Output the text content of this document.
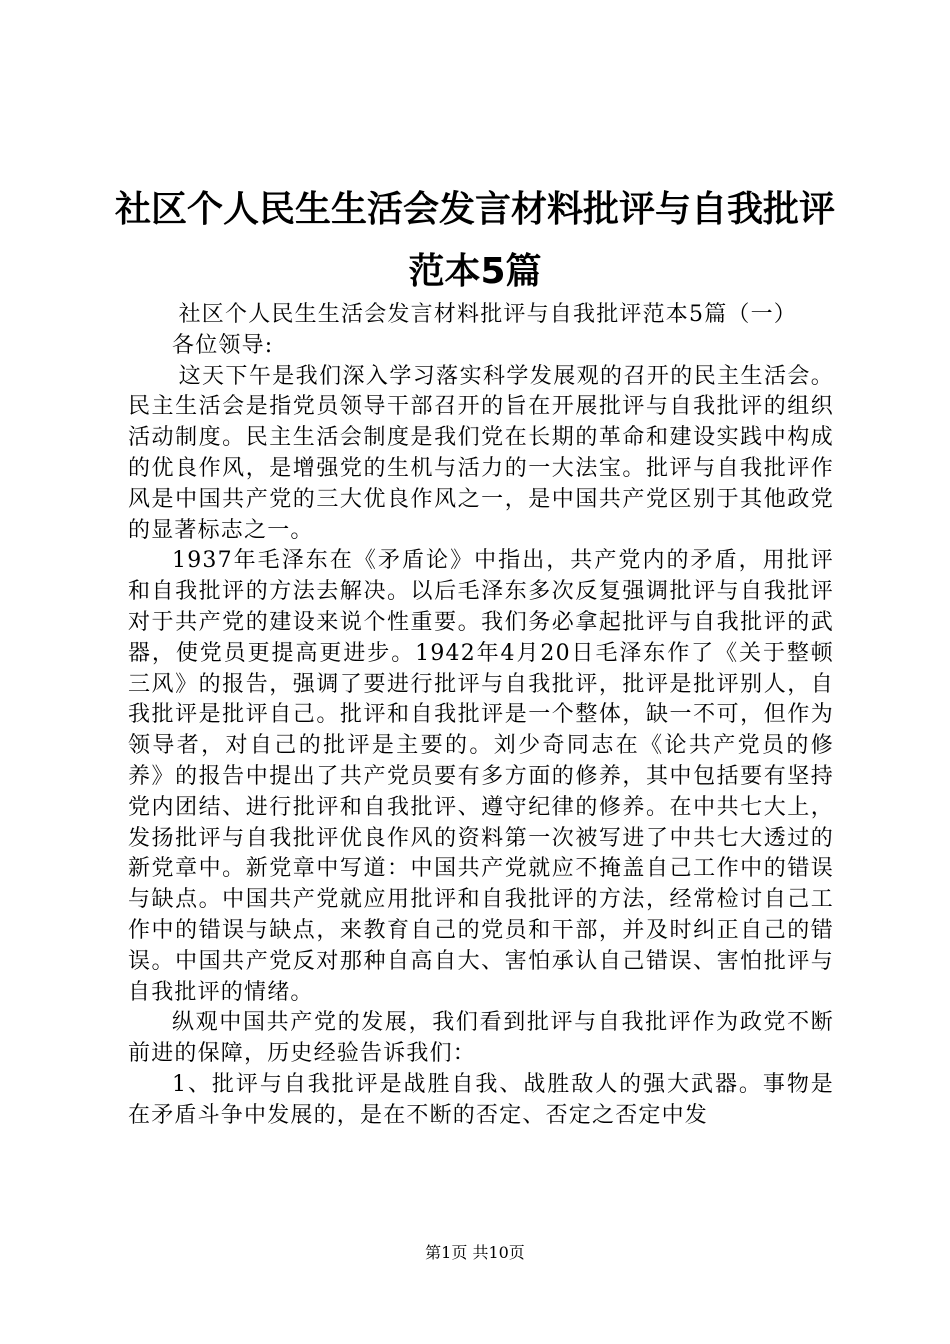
社区个人民生生活会发言材料批评与自我批评
范本5篇

社区个人民生生活会发言材料批评与自我批评范本5篇（一）

各位领导:

这天下午是我们深入学习落实科学发展观的召开的民主生活会。民主生活会是指党员领导干部召开的旨在开展批评与自我批评的组织活动制度。民主生活会制度是我们党在长期的革命和建设实践中构成的优良作风，是增强党的生机与活力的一大法宝。批评与自我批评作风是中国共产党的三大优良作风之一，是中国共产党区别于其他政党的显著标志之一。

1937年毛泽东在《矛盾论》中指出，共产党内的矛盾，用批评和自我批评的方法去解决。以后毛泽东多次反复强调批评与自我批评对于共产党的建设来说个性重要。我们务必拿起批评与自我批评的武器，使党员更提高更进步。1942年4月20日毛泽东作了《关于整顿三风》的报告，强调了要进行批评与自我批评，批评是批评别人，自我批评是批评自己。批评和自我批评是一个整体，缺一不可，但作为领导者，对自己的批评是主要的。刘少奇同志在《论共产党员的修养》的报告中提出了共产党员要有多方面的修养，其中包括要有坚持党内团结、进行批评和自我批评、遵守纪律的修养。在中共七大上，发扬批评与自我批评优良作风的资料第一次被写进了中共七大透过的新党章中。新党章中写道：中国共产党就应不掩盖自己工作中的错误与缺点。中国共产党就应用批评和自我批评的方法，经常检讨自己工作中的错误与缺点，来教育自己的党员和干部，并及时纠正自己的错误。中国共产党反对那种自高自大、害怕承认自己错误、害怕批评与自我批评的情绪。

纵观中国共产党的发展，我们看到批评与自我批评作为政党不断前进的保障，历史经验告诉我们：

1、批评与自我批评是战胜自我、战胜敌人的强大武器。事物是在矛盾斗争中发展的，是在不断的否定、否定之否定中发

第1页 共10页
